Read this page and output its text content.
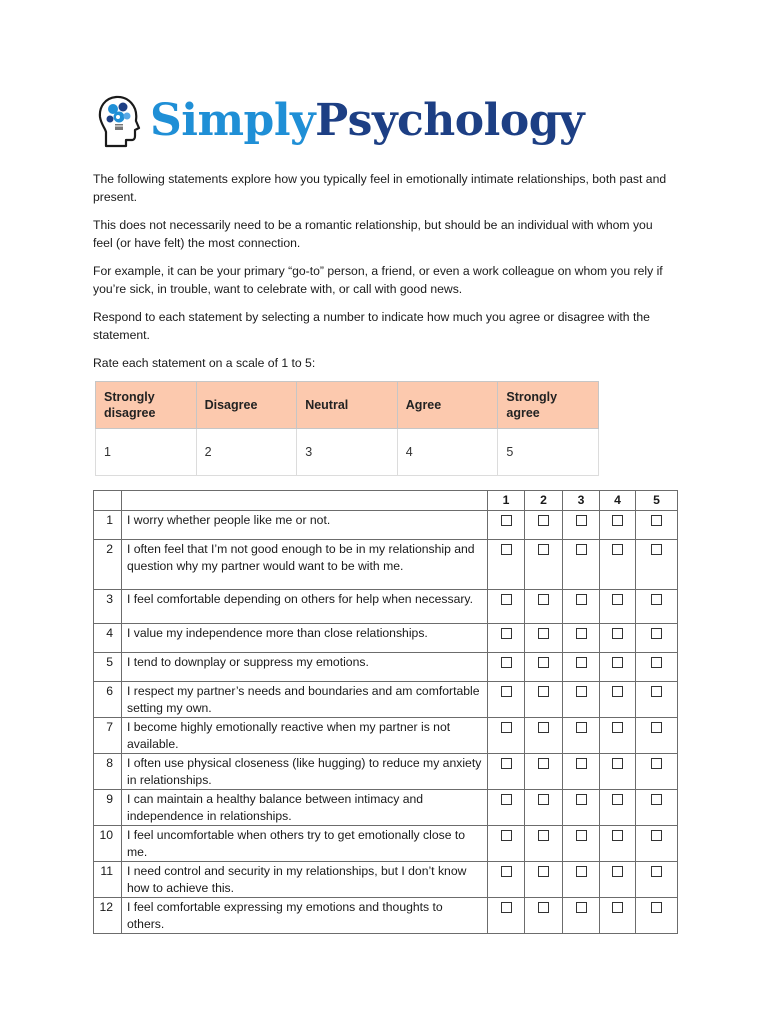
SimplyPsychology

The following statements explore how you typically feel in emotionally intimate relationships, both past and present.

This does not necessarily need to be a romantic relationship, but should be an individual with whom you feel (or have felt) the most connection.

For example, it can be your primary “go-to” person, a friend, or even a work colleague on whom you rely if you’re sick, in trouble, want to celebrate with, or call with good news.

Respond to each statement by selecting a number to indicate how much you agree or disagree with the statement.

Rate each statement on a scale of 1 to 5:

Strongly disagree	Disagree	Neutral	Agree	Strongly agree
1	2	3	4	5
		1	2	3	4	5
1	I worry whether people like me or not.					
2	I often feel that I’m not good enough to be in my relationship and question why my partner would want to be with me.					
3	I feel comfortable depending on others for help when necessary.					
4	I value my independence more than close relationships.					
5	I tend to downplay or suppress my emotions.					
6	I respect my partner’s needs and boundaries and am comfortable setting my own.					
7	I become highly emotionally reactive when my partner is not available.					
8	I often use physical closeness (like hugging) to reduce my anxiety in relationships.					
9	I can maintain a healthy balance between intimacy and independence in relationships.					
10	I feel uncomfortable when others try to get emotionally close to me.					
11	I need control and security in my relationships, but I don’t know how to achieve this.					
12	I feel comfortable expressing my emotions and thoughts to others.					
